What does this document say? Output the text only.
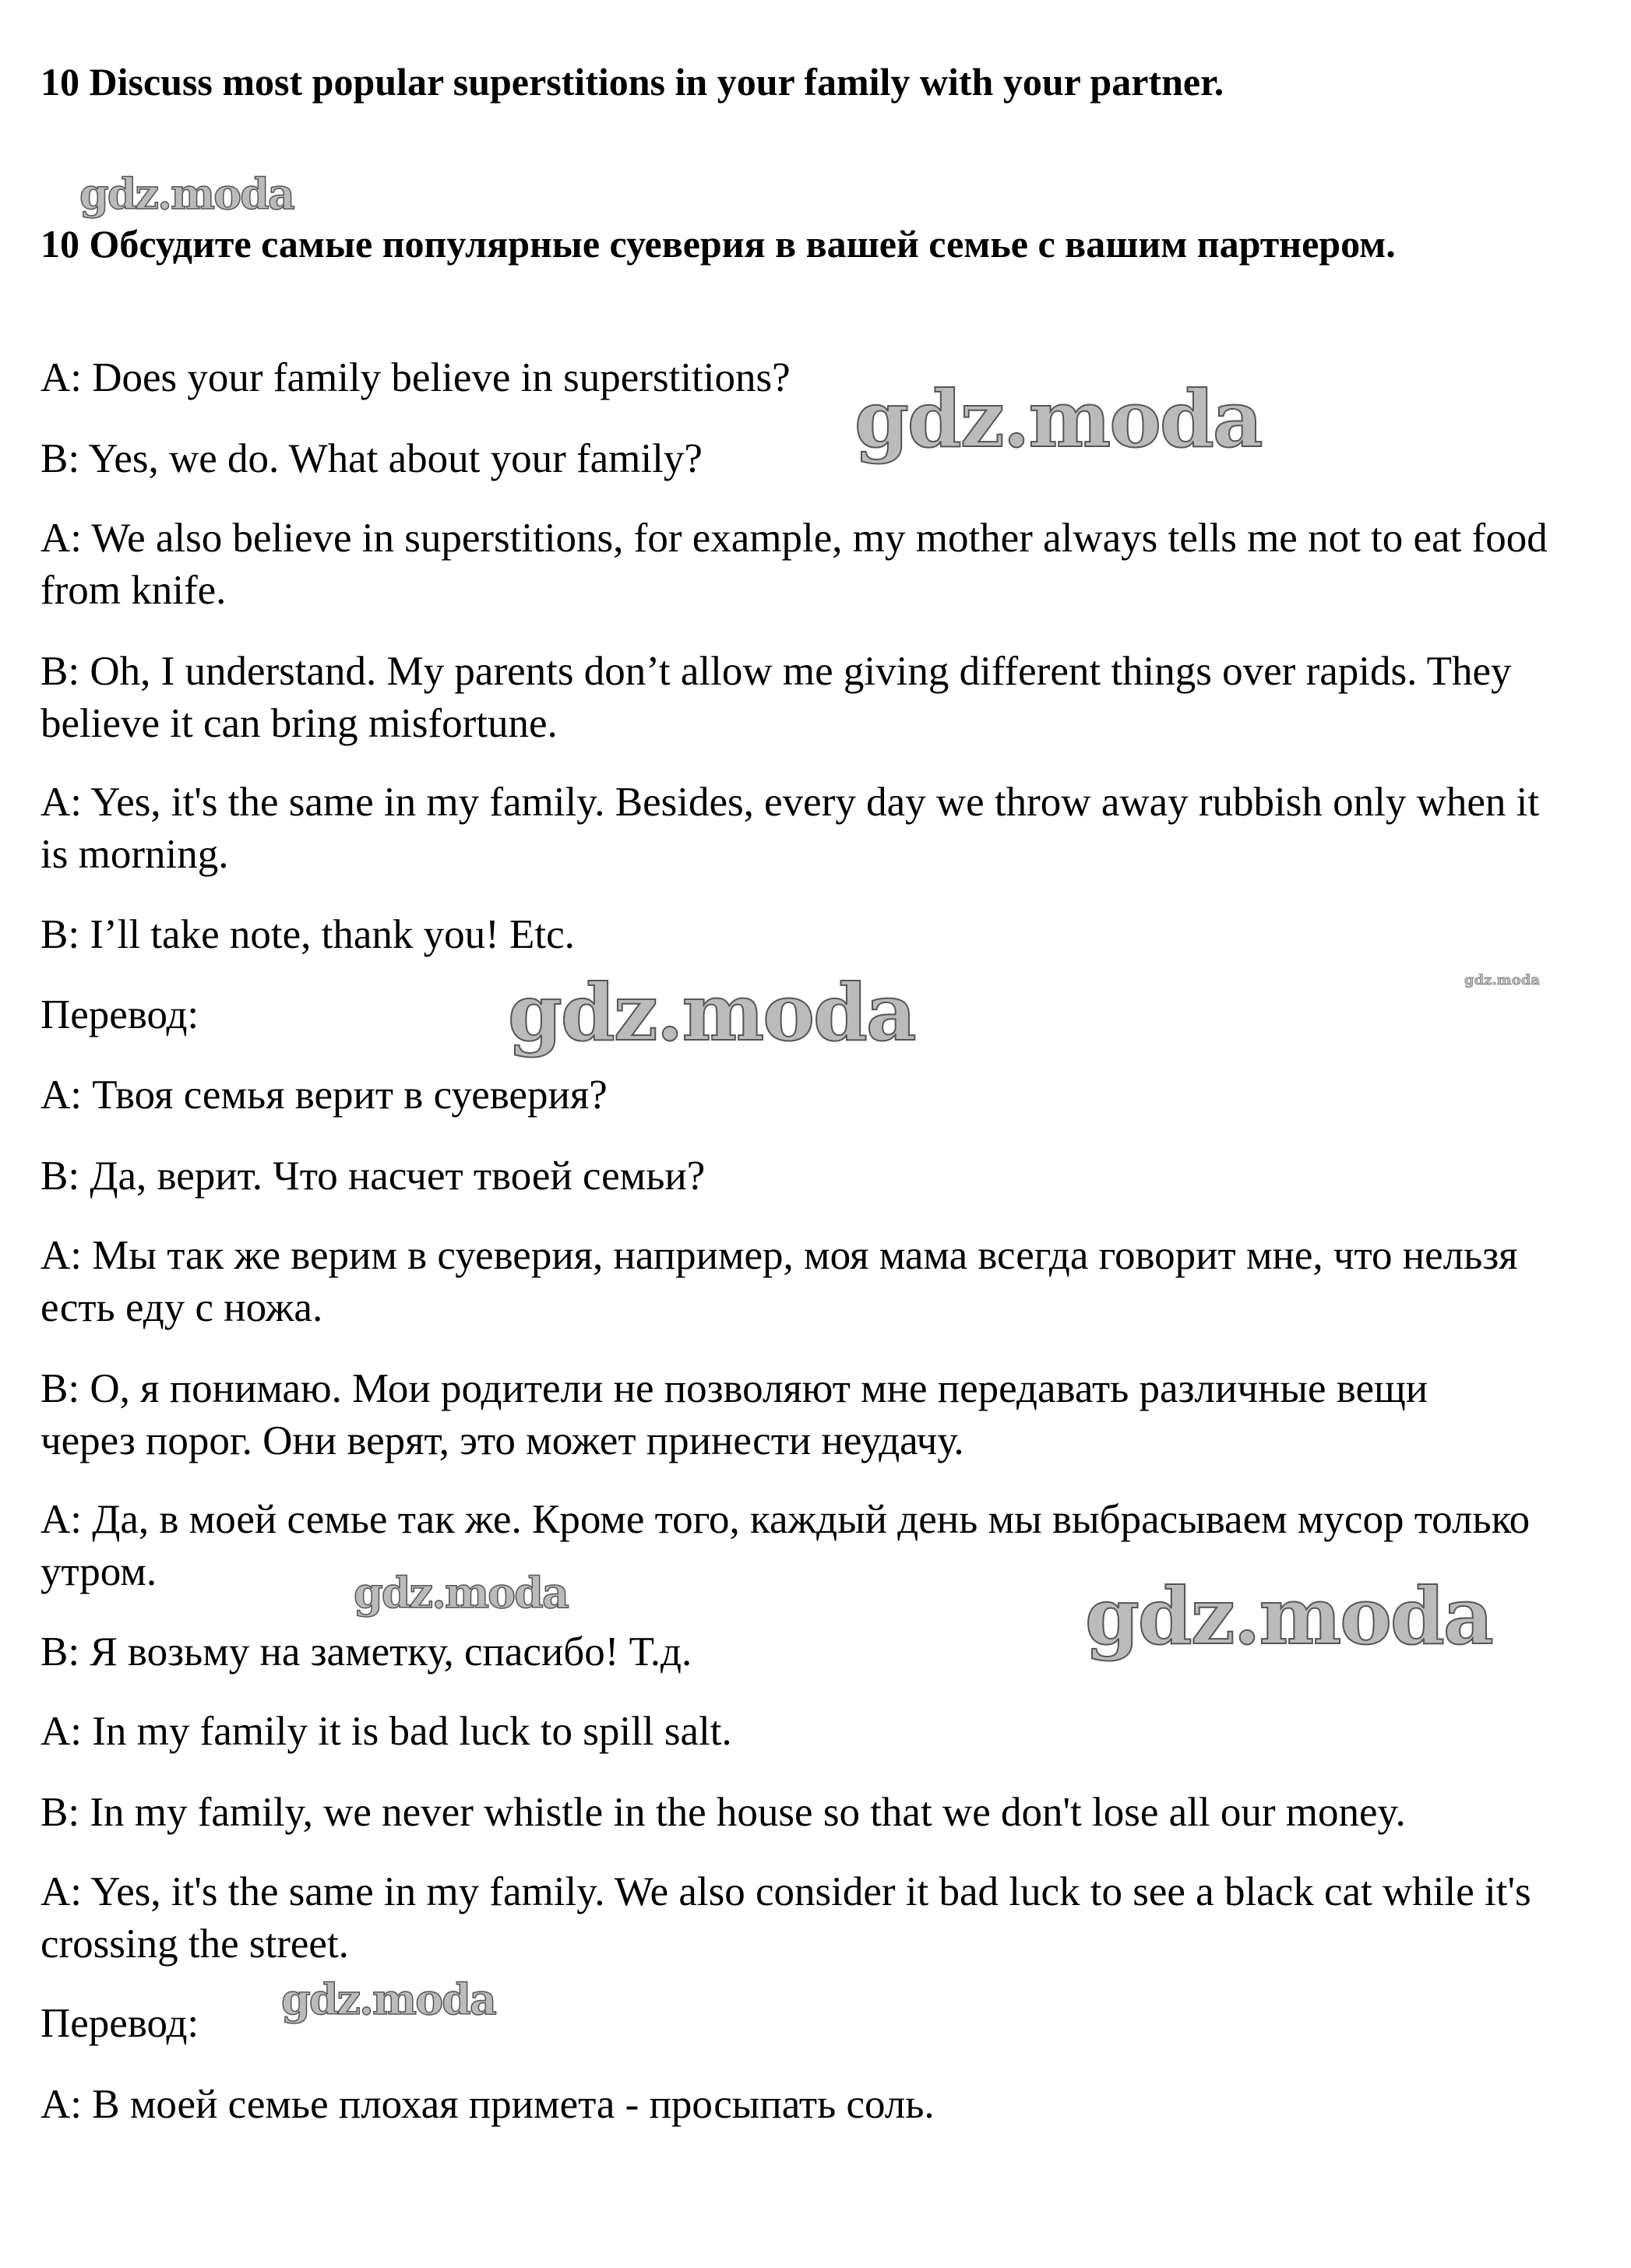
10 Discuss most popular superstitions in your family with your partner.

10 Обсудите самые популярные суеверия в вашей семье с вашим партнером.

A: Does your family believe in superstitions?

B: Yes, we do. What about your family?

A: We also believe in superstitions, for example, my mother always tells me not to eat food from knife.

B: Oh, I understand. My parents don’t allow me giving different things over rapids. They believe it can bring misfortune.

A: Yes, it's the same in my family. Besides, every day we throw away rubbish only when it is morning.

B: I’ll take note, thank you! Etc.

Перевод:

A: Твоя семья верит в суеверия?

B: Да, верит. Что насчет твоей семьи?

A: Мы так же верим в суеверия, например, моя мама всегда говорит мне, что нельзя есть еду с ножа.

B: О, я понимаю. Мои родители не позволяют мне передавать различные вещи через порог. Они верят, это может принести неудачу.

A: Да, в моей семье так же. Кроме того, каждый день мы выбрасываем мусор только утром.

B: Я возьму на заметку, спасибо! Т.д.

A: In my family it is bad luck to spill salt.

B: In my family, we never whistle in the house so that we don't lose all our money.

A: Yes, it's the same in my family. We also consider it bad luck to see a black cat while it's crossing the street.

Перевод:

A: В моей семье плохая примета - просыпать соль.

gdz.moda
gdz.moda
gdz.moda
gdz.moda
gdz.moda	gdz.moda
gdz.moda
